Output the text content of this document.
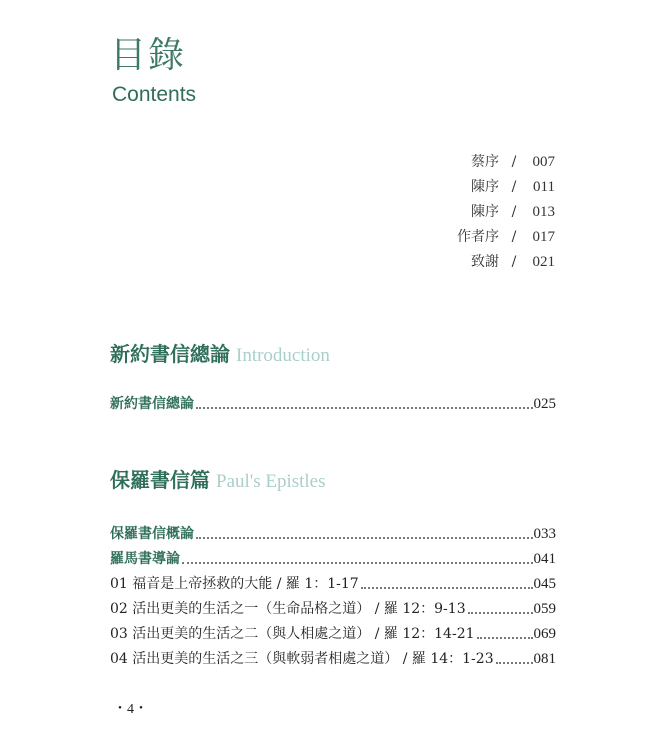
目錄
Contents
蔡序 /	007
陳序 /	011
陳序 /	013
作者序 /	017
致謝 /	021
新約書信總論 Introduction
新約書信總論	025
保羅書信篇 Paul's Epistles
保羅書信概論	033
羅馬書導論	041
01 福音是上帝拯救的大能 / 羅 1：1-17	045
02 活出更美的生活之一（生命品格之道） / 羅 12：9-13	059
03 活出更美的生活之二（與人相處之道） / 羅 12：14-21	069
04 活出更美的生活之三（與軟弱者相處之道） / 羅 14：1-23	081
・4・
